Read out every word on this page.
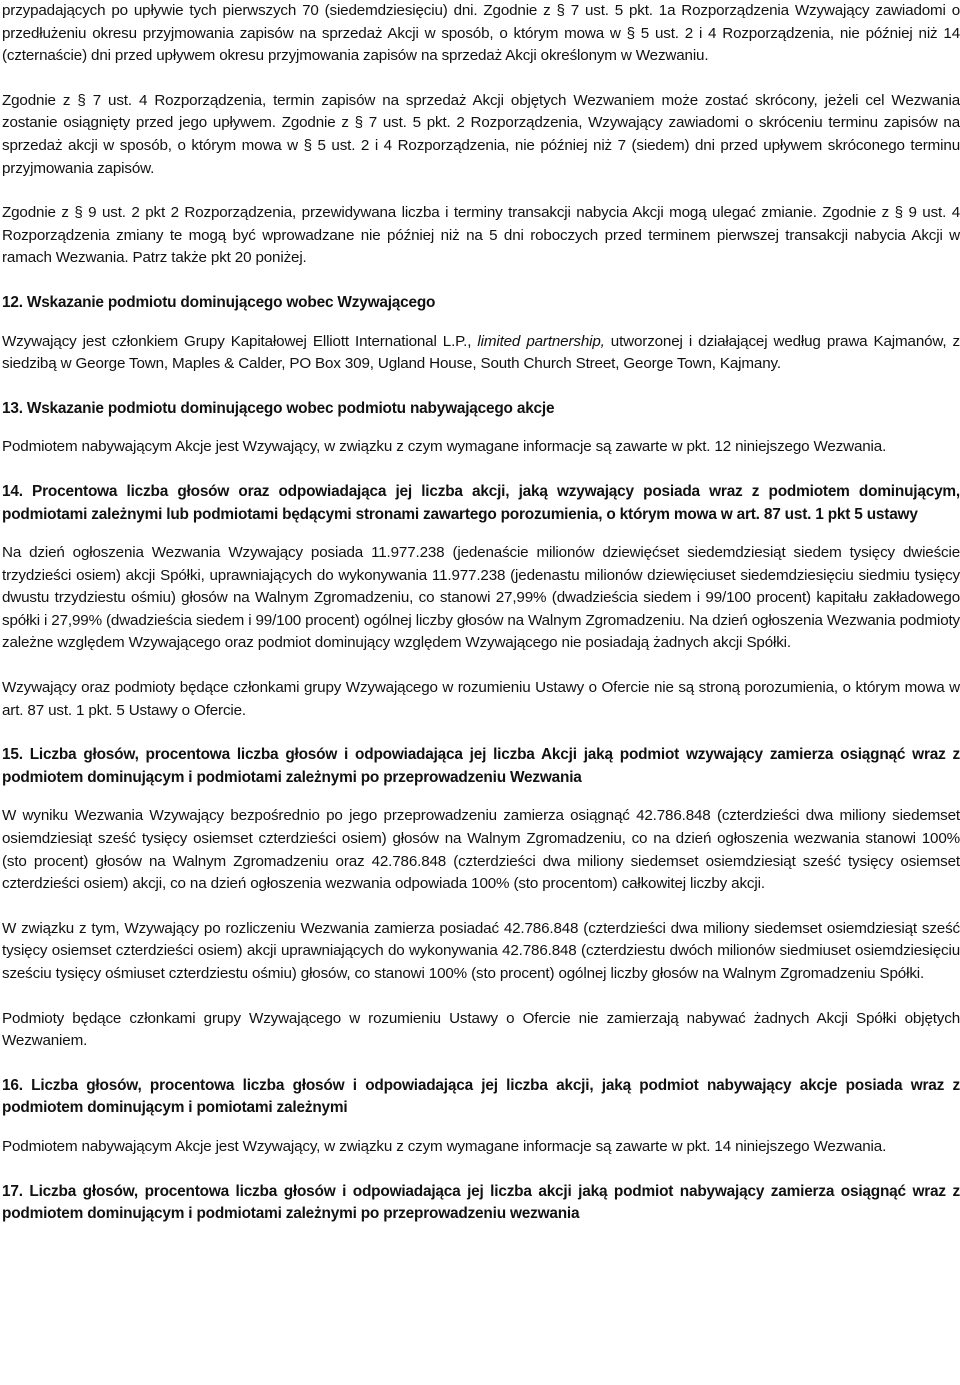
przypadających po upływie tych pierwszych 70 (siedemdziesięciu) dni. Zgodnie z § 7 ust. 5 pkt. 1a Rozporządzenia Wzywający zawiadomi o przedłużeniu okresu przyjmowania zapisów na sprzedaż Akcji w sposób, o którym mowa w § 5 ust. 2 i 4 Rozporządzenia, nie później niż 14 (czternaście) dni przed upływem okresu przyjmowania zapisów na sprzedaż Akcji określonym w Wezwaniu.

Zgodnie z § 7 ust. 4 Rozporządzenia, termin zapisów na sprzedaż Akcji objętych Wezwaniem może zostać skrócony, jeżeli cel Wezwania zostanie osiągnięty przed jego upływem. Zgodnie z § 7 ust. 5 pkt. 2 Rozporządzenia, Wzywający zawiadomi o skróceniu terminu zapisów na sprzedaż akcji w sposób, o którym mowa w § 5 ust. 2 i 4 Rozporządzenia, nie później niż 7 (siedem) dni przed upływem skróconego terminu przyjmowania zapisów.

Zgodnie z § 9 ust. 2 pkt 2 Rozporządzenia, przewidywana liczba i terminy transakcji nabycia Akcji mogą ulegać zmianie. Zgodnie z § 9 ust. 4 Rozporządzenia zmiany te mogą być wprowadzane nie później niż na 5 dni roboczych przed terminem pierwszej transakcji nabycia Akcji w ramach Wezwania. Patrz także pkt 20 poniżej.

12. Wskazanie podmiotu dominującego wobec Wzywającego

Wzywający jest członkiem Grupy Kapitałowej Elliott International L.P., limited partnership, utworzonej i działającej według prawa Kajmanów, z siedzibą w George Town, Maples & Calder, PO Box 309, Ugland House, South Church Street, George Town, Kajmany.

13. Wskazanie podmiotu dominującego wobec podmiotu nabywającego akcje

Podmiotem nabywającym Akcje jest Wzywający, w związku z czym wymagane informacje są zawarte w pkt. 12 niniejszego Wezwania.

14. Procentowa liczba głosów oraz odpowiadająca jej liczba akcji, jaką wzywający posiada wraz z podmiotem dominującym, podmiotami zależnymi lub podmiotami będącymi stronami zawartego porozumienia, o którym mowa w art. 87 ust. 1 pkt 5 ustawy

Na dzień ogłoszenia Wezwania Wzywający posiada 11.977.238 (jedenaście milionów dziewięćset siedemdziesiąt siedem tysięcy dwieście trzydzieści osiem) akcji Spółki, uprawniających do wykonywania 11.977.238 (jedenastu milionów dziewięciuset siedemdziesięciu siedmiu tysięcy dwustu trzydziestu ośmiu) głosów na Walnym Zgromadzeniu, co stanowi 27,99% (dwadzieścia siedem i 99/100 procent) kapitału zakładowego spółki i 27,99% (dwadzieścia siedem i 99/100 procent) ogólnej liczby głosów na Walnym Zgromadzeniu. Na dzień ogłoszenia Wezwania podmioty zależne względem Wzywającego oraz podmiot dominujący względem Wzywającego nie posiadają żadnych akcji Spółki.

Wzywający oraz podmioty będące członkami grupy Wzywającego w rozumieniu Ustawy o Ofercie nie są stroną porozumienia, o którym mowa w art. 87 ust. 1 pkt. 5 Ustawy o Ofercie.

15. Liczba głosów, procentowa liczba głosów i odpowiadająca jej liczba Akcji jaką podmiot wzywający zamierza osiągnąć wraz z podmiotem dominującym i podmiotami zależnymi po przeprowadzeniu Wezwania

W wyniku Wezwania Wzywający bezpośrednio po jego przeprowadzeniu zamierza osiągnąć 42.786.848 (czterdzieści dwa miliony siedemset osiemdziesiąt sześć tysięcy osiemset czterdzieści osiem) głosów na Walnym Zgromadzeniu, co na dzień ogłoszenia wezwania stanowi 100% (sto procent) głosów na Walnym Zgromadzeniu oraz 42.786.848 (czterdzieści dwa miliony siedemset osiemdziesiąt sześć tysięcy osiemset czterdzieści osiem) akcji, co na dzień ogłoszenia wezwania odpowiada 100% (sto procentom) całkowitej liczby akcji.

W związku z tym, Wzywający po rozliczeniu Wezwania zamierza posiadać 42.786.848 (czterdzieści dwa miliony siedemset osiemdziesiąt sześć tysięcy osiemset czterdzieści osiem) akcji uprawniających do wykonywania 42.786.848 (czterdziestu dwóch milionów siedmiuset osiemdziesięciu sześciu tysięcy ośmiuset czterdziestu ośmiu) głosów, co stanowi 100% (sto procent) ogólnej liczby głosów na Walnym Zgromadzeniu Spółki.

Podmioty będące członkami grupy Wzywającego w rozumieniu Ustawy o Ofercie nie zamierzają nabywać żadnych Akcji Spółki objętych Wezwaniem.

16. Liczba głosów, procentowa liczba głosów i odpowiadająca jej liczba akcji, jaką podmiot nabywający akcje posiada wraz z podmiotem dominującym i pomiotami zależnymi

Podmiotem nabywającym Akcje jest Wzywający, w związku z czym wymagane informacje są zawarte w pkt. 14 niniejszego Wezwania.

17. Liczba głosów, procentowa liczba głosów i odpowiadająca jej liczba akcji jaką podmiot nabywający zamierza osiągnąć wraz z podmiotem dominującym i podmiotami zależnymi po przeprowadzeniu wezwania
